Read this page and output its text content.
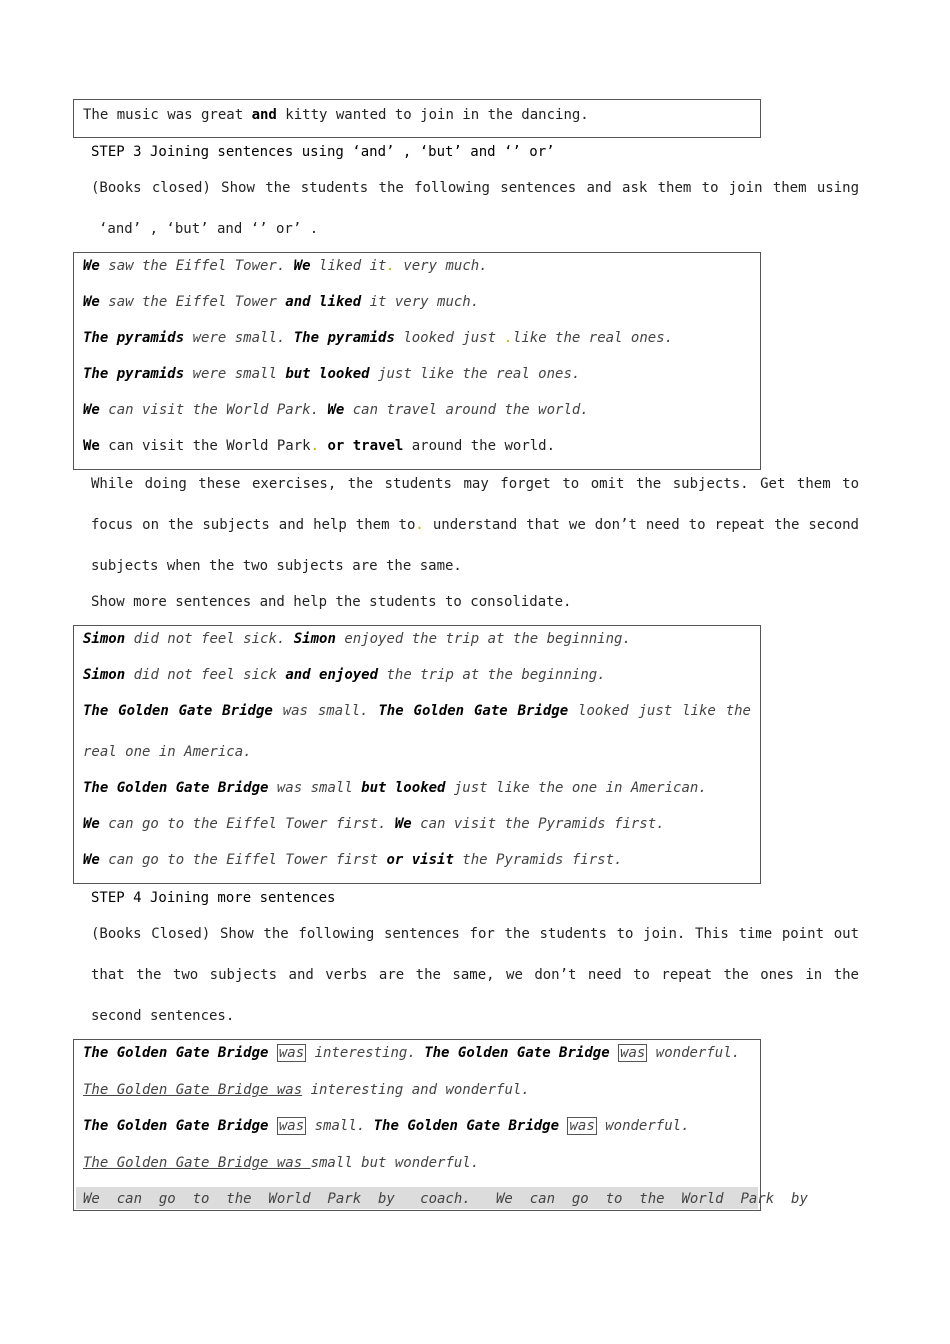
The music was great and kitty wanted to join in the dancing.
STEP 3 Joining sentences using ‘and’ , ‘but’ and ‘’ or’
(Books closed) Show the students the following sentences and ask them to join them using
‘and’ , ‘but’ and ‘’ or’ .
We saw the Eiffel Tower. We liked it. very much.
We saw the Eiffel Tower and liked it very much.
The pyramids were small. The pyramids looked just .like the real ones.
The pyramids were small but looked just like the real ones.
We can visit the World Park. We can travel around the world.
We can visit the World Park. or travel around the world.
While doing these exercises, the students may forget to omit the subjects. Get them to
focus on the subjects and help them to. understand that we don’t need to repeat the second
subjects when the two subjects are the same.
Show more sentences and help the students to consolidate.
Simon did not feel sick. Simon enjoyed the trip at the beginning.
Simon did not feel sick and enjoyed the trip at the beginning.
The Golden Gate Bridge was small. The Golden Gate Bridge looked just like the
real one in America.
The Golden Gate Bridge was small but looked just like the one in American.
We can go to the Eiffel Tower first. We can visit the Pyramids first.
We can go to the Eiffel Tower first or visit the Pyramids first.
STEP 4 Joining more sentences
(Books Closed) Show the following sentences for the students to join. This time point out
that the two subjects and verbs are the same, we don’t need to repeat the ones in the
second sentences.
The Golden Gate Bridge was interesting. The Golden Gate Bridge was wonderful.
The Golden Gate Bridge was interesting and wonderful.
The Golden Gate Bridge was small. The Golden Gate Bridge was wonderful.
The Golden Gate Bridge was small but wonderful.
We  can  go  to  the  World  Park  by   coach.   We  can  go  to  the  World  Park  by
